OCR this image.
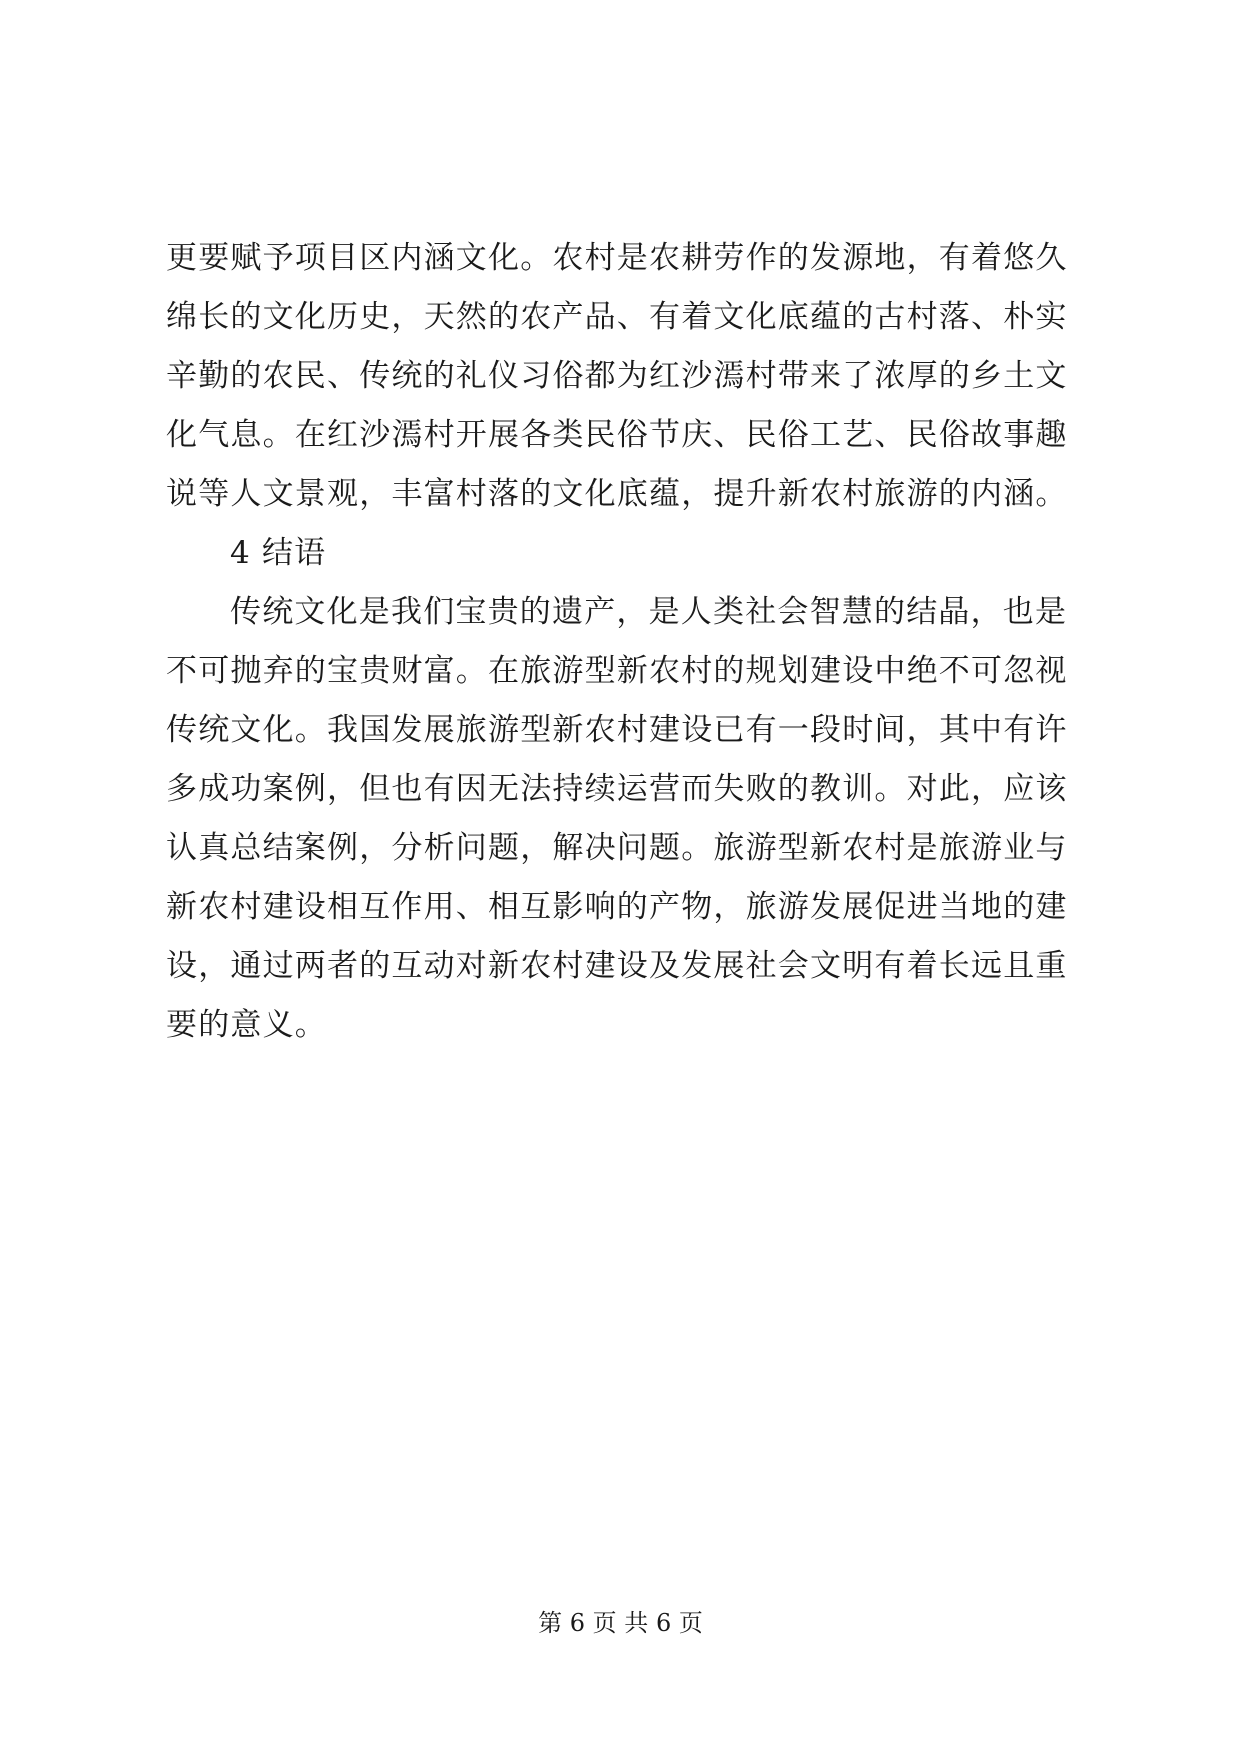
更要赋予项目区内涵文化。农村是农耕劳作的发源地，有着悠久
绵长的文化历史，天然的农产品、有着文化底蕴的古村落、朴实
辛勤的农民、传统的礼仪习俗都为红沙漹村带来了浓厚的乡土文
化气息。在红沙漹村开展各类民俗节庆、民俗工艺、民俗故事趣
说等人文景观，丰富村落的文化底蕴，提升新农村旅游的内涵。
4 结语
传统文化是我们宝贵的遗产，是人类社会智慧的结晶，也是
不可抛弃的宝贵财富。在旅游型新农村的规划建设中绝不可忽视
传统文化。我国发展旅游型新农村建设已有一段时间，其中有许
多成功案例，但也有因无法持续运营而失败的教训。对此，应该
认真总结案例，分析问题，解决问题。旅游型新农村是旅游业与
新农村建设相互作用、相互影响的产物，旅游发展促进当地的建
设，通过两者的互动对新农村建设及发展社会文明有着长远且重
要的意义。
第 6 页 共 6 页
